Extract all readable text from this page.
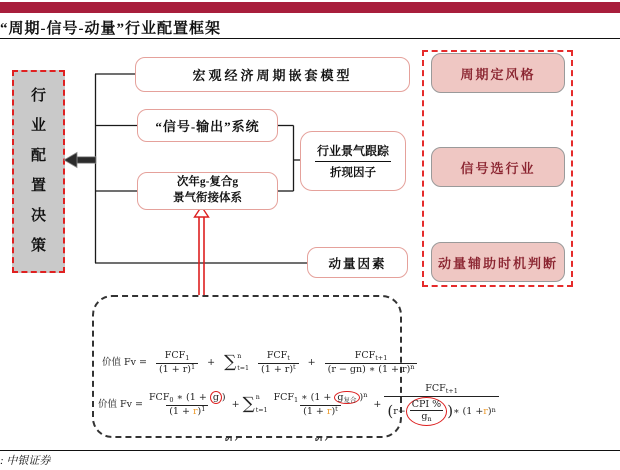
“周期-信号-动量”行业配置框架
行
业
配
置
决
策
宏观经济周期嵌套模型
“信号-输出”系统
次年g-复合g
景气衔接体系
行业景气跟踪
折现因子
动量因素
周期定风格
信号选行业
动量辅助时机判断
价值 $Fv = \frac{FCF_1}{(1 + r)^1}$ + ∑ n
$t=1 \frac{FCF_t}{(1 + r)^t} + \frac{FCF_{t+1}}{(r - gn) ∗ (1 + r)^n}$
价值 $Fv = \frac{FCF_0 ∗ (1 + g )}{(1 + r)^1}$ + ∑ n
$t=1 \frac{FCF_1 ∗ (1 + g_{复合} )^n}{(1 + r)^t} + FCF_{t+1}$
( r −
CPI %
$g_n$ ) ∗ (1 + r ) n
: 中银证券
